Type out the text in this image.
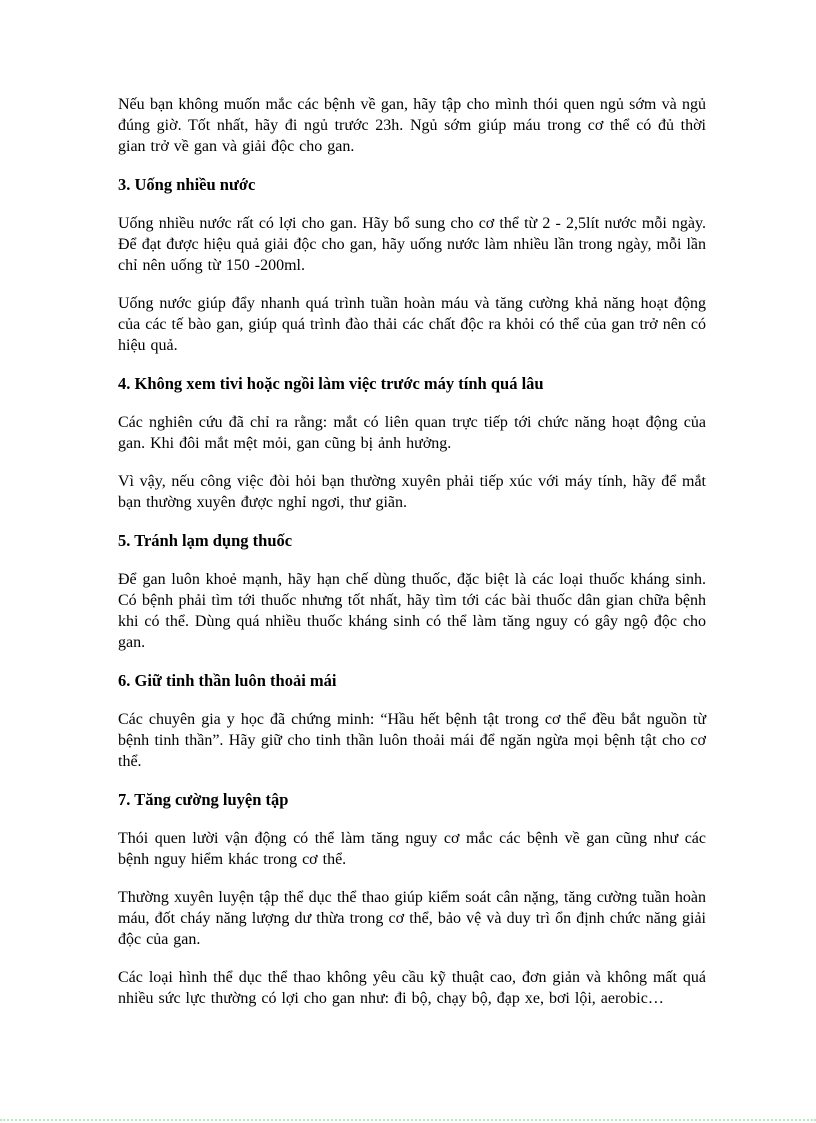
Nếu bạn không muốn mắc các bệnh về gan, hãy tập cho mình thói quen ngủ sớm và ngủ đúng giờ. Tốt nhất, hãy đi ngủ trước 23h. Ngủ sớm giúp máu trong cơ thể có đủ thời gian trở về gan và giải độc cho gan.

3. Uống nhiều nước

Uống nhiều nước rất có lợi cho gan. Hãy bổ sung cho cơ thể từ 2 - 2,5lít nước mỗi ngày. Để đạt được hiệu quả giải độc cho gan, hãy uống nước làm nhiều lần trong ngày, mỗi lần chỉ nên uống từ 150 -200ml.

Uống nước giúp đẩy nhanh quá trình tuần hoàn máu và tăng cường khả năng hoạt động của các tế bào gan, giúp quá trình đào thải các chất độc ra khỏi có thể của gan trở nên có hiệu quả.

4. Không xem tivi hoặc ngồi làm việc trước máy tính quá lâu

Các nghiên cứu đã chỉ ra rằng: mắt có liên quan trực tiếp tới chức năng hoạt động của gan. Khi đôi mắt mệt mỏi, gan cũng bị ảnh hưởng.

Vì vậy, nếu công việc đòi hỏi bạn thường xuyên phải tiếp xúc với máy tính, hãy để mắt bạn thường xuyên được nghỉ ngơi, thư giãn.

5. Tránh lạm dụng thuốc

Để gan luôn khoẻ mạnh, hãy hạn chế dùng thuốc, đặc biệt là các loại thuốc kháng sinh. Có bệnh phải tìm tới thuốc nhưng tốt nhất, hãy tìm tới các bài thuốc dân gian chữa bệnh khi có thể. Dùng quá nhiều thuốc kháng sinh có thể làm tăng nguy có gây ngộ độc cho gan.

6. Giữ tinh thần luôn thoải mái

Các chuyên gia y học đã chứng minh: “Hầu hết bệnh tật trong cơ thể đều bắt nguồn từ bệnh tinh thần”. Hãy giữ cho tinh thần luôn thoải mái để ngăn ngừa mọi bệnh tật cho cơ thể.

7. Tăng cường luyện tập

Thói quen lười vận động có thể làm tăng nguy cơ mắc các bệnh về gan cũng như các bệnh nguy hiểm khác trong cơ thể.

Thường xuyên luyện tập thể dục thể thao giúp kiểm soát cân nặng, tăng cường tuần hoàn máu, đốt cháy năng lượng dư thừa trong cơ thể, bảo vệ và duy trì ổn định chức năng giải độc của gan.

Các loại hình thể dục thể thao không yêu cầu kỹ thuật cao, đơn giản và không mất quá nhiều sức lực thường có lợi cho gan như: đi bộ, chạy bộ, đạp xe, bơi lội, aerobic…
